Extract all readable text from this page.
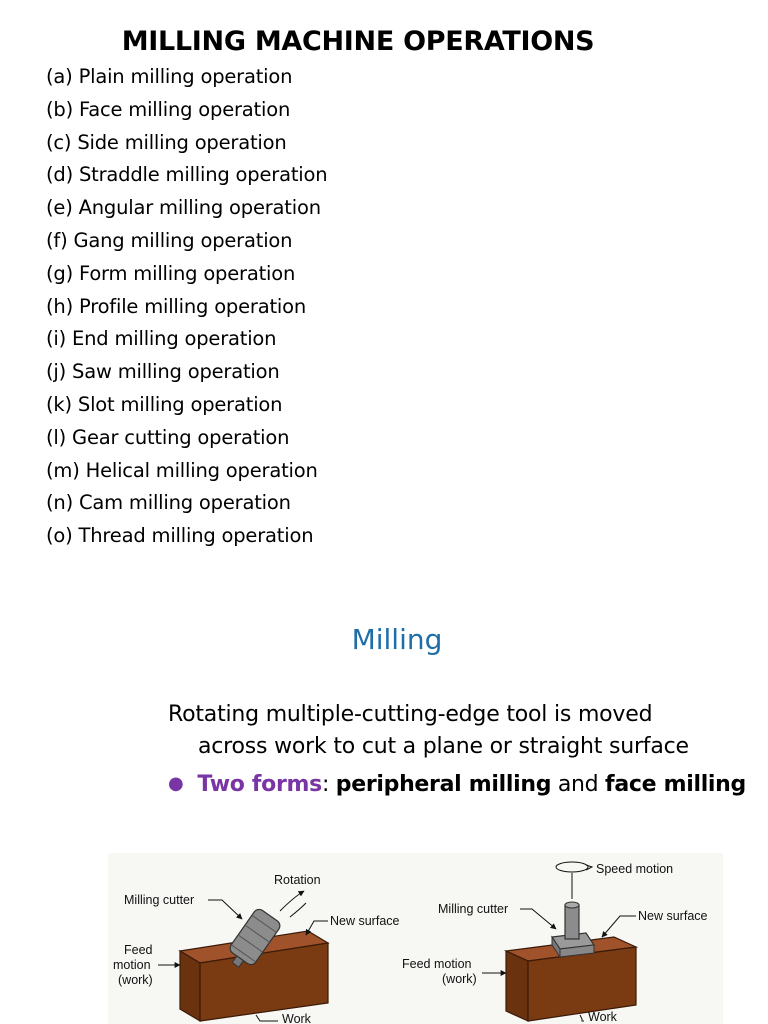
MILLING MACHINE OPERATIONS
(a) Plain milling operation
(b) Face milling operation
(c) Side milling operation
(d) Straddle milling operation
(e) Angular milling operation
(f) Gang milling operation
(g) Form milling operation
(h) Profile milling operation
(i) End milling operation
(j) Saw milling operation
(k) Slot milling operation
(l) Gear cutting operation
(m) Helical milling operation
(n) Cam milling operation
(o) Thread milling operation
Milling
Rotating multiple-cutting-edge tool is moved
across work to cut a plane or straight surface
● Two forms: peripheral milling and face milling
Rotation
Milling cutter
New surface
Feed
motion
(work)
Work
Speed motion
Milling cutter	New surface
Feed motion
(work)
Work
